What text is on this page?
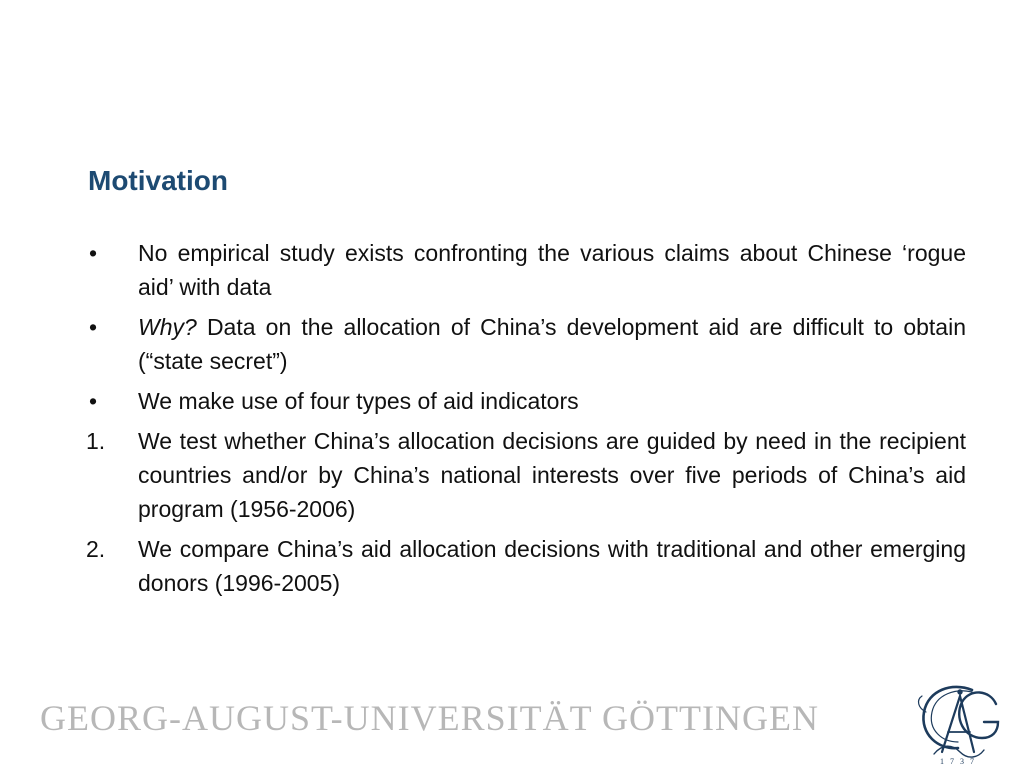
Motivation
•	No empirical study exists confronting the various claims about Chinese ‘rogue aid’ with data
•	Why? Data on the allocation of China’s development aid are difficult to obtain (“state secret”)
•	We make use of four types of aid indicators
1.	We test whether China’s allocation decisions are guided by need in the recipient countries and/or by China’s national interests over five periods of China’s aid program (1956-2006)
2.	We compare China’s aid allocation decisions with traditional and other emerging donors (1996-2005)
GEORG-AUGUST-UNIVERSITÄT GÖTTINGEN
1737
